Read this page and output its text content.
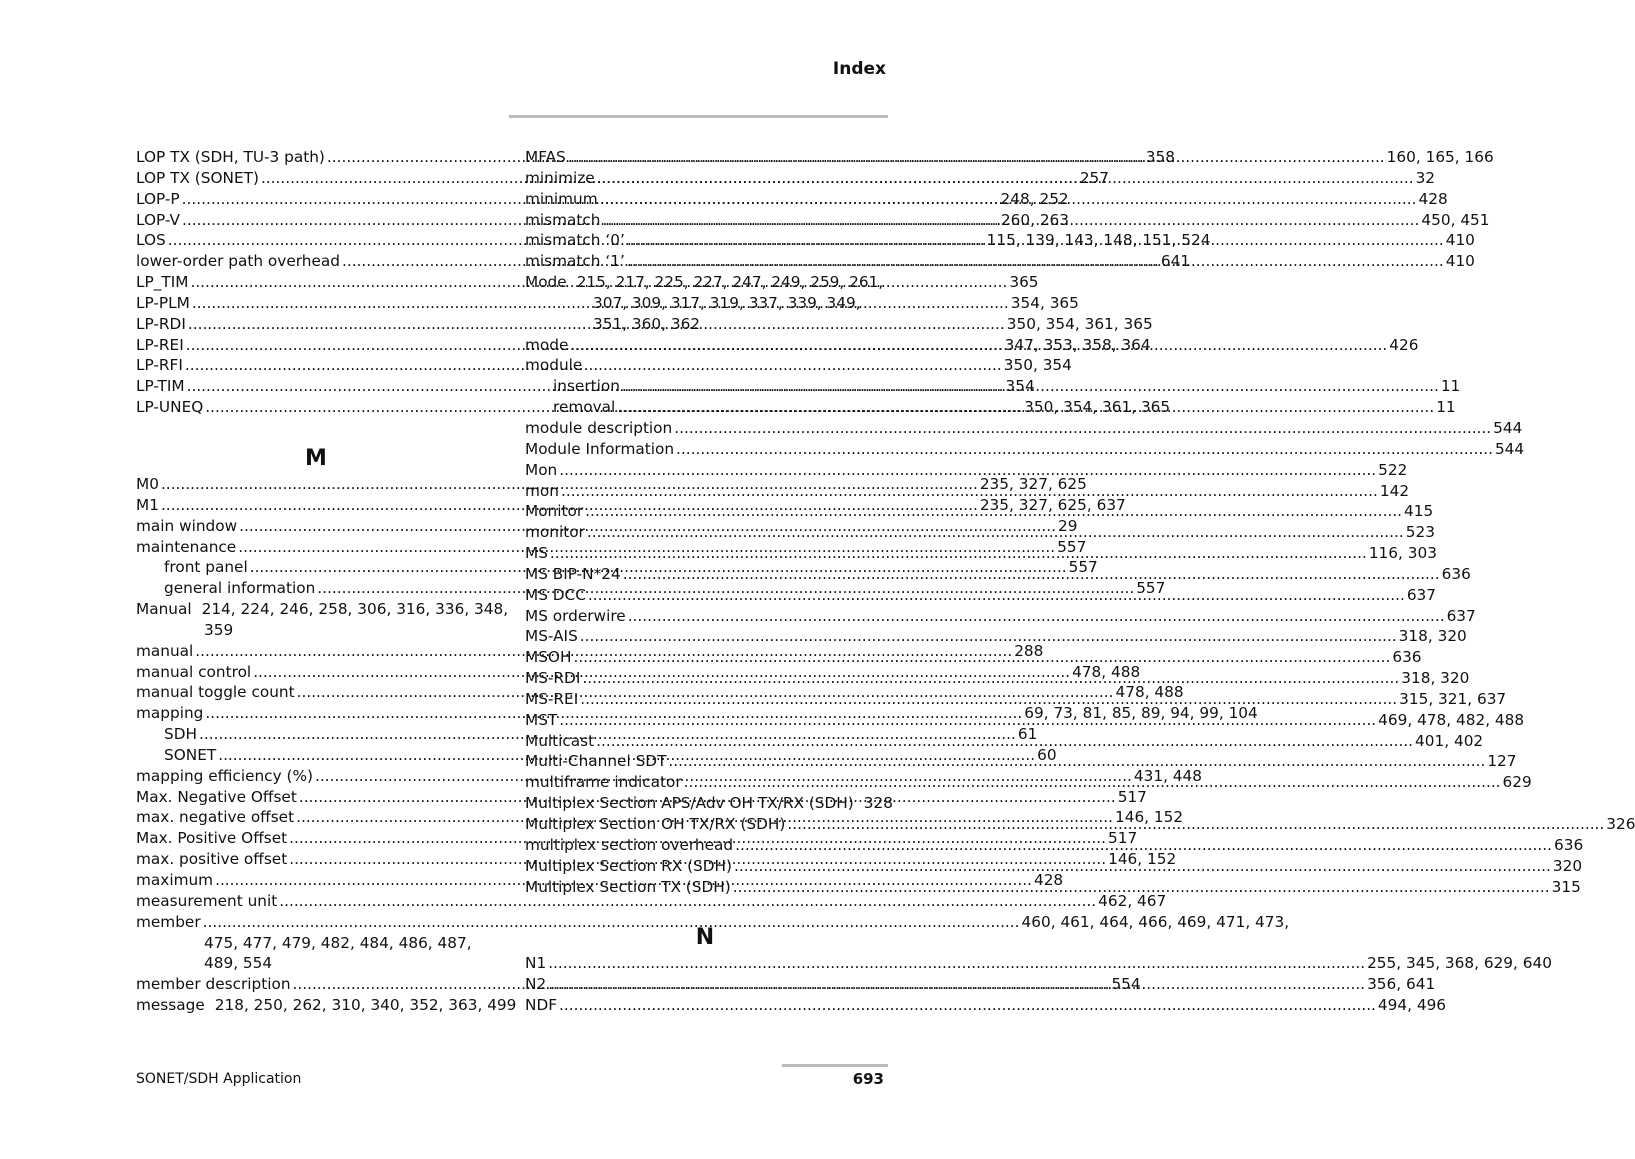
Index
LOP TX (SDH, TU-3 path) .....	358
LOP TX (SONET) .....	257
LOP-P .....	248, 252
LOP-V .....	260, 263
LOS .....	115, 139, 143, 148, 151, 524
lower-order path overhead .....	641
LP_TIM .....	365
LP-PLM .....	354, 365
LP-RDI .....	350, 354, 361, 365
LP-REI .....	347, 353, 358, 364
LP-RFI .....	350, 354
LP-TIM .....	354
LP-UNEQ .....	350, 354, 361, 365
M
M0 .....	235, 327, 625
M1 .....	235, 327, 625, 637
main window .....	29
maintenance .....	557
front panel .....	557
general information .....	557
Manual 214, 224, 246, 258, 306, 316, 336, 348,
359
manual .....	288
manual control .....	478, 488
manual toggle count .....	478, 488
mapping .....	69, 73, 81, 85, 89, 94, 99, 104
SDH .....	61
SONET .....	60
mapping efficiency (%) .....	431, 448
Max. Negative Offset .....	517
max. negative offset .....	146, 152
Max. Positive Offset .....	517
max. positive offset .....	146, 152
maximum .....	428
measurement unit .....	462, 467
member .....	460, 461, 464, 466, 469, 471, 473,
475, 477, 479, 482, 484, 486, 487,
489, 554
member description .....	554
message 218, 250, 262, 310, 340, 352, 363, 499
MFAS .....	160, 165, 166
minimize .....	32
minimum .....	428
mismatch .....	450, 451
mismatch ‘0’ .....	410
mismatch ‘1’ .....	410
Mode 215, 217, 225, 227, 247, 249, 259, 261,
307, 309, 317, 319, 337, 339, 349,
351, 360, 362
mode .....	426
module
insertion .....	11
removal .....	11
module description .....	544
Module Information .....	544
Mon .....	522
mon .....	142
Monitor .....	415
monitor .....	523
MS .....	116, 303
MS BIP-N*24 .....	636
MS DCC .....	637
MS orderwire .....	637
MS-AIS .....	318, 320
MSOH .....	636
MS-RDI .....	318, 320
MS-REI .....	315, 321, 637
MST .....	469, 478, 482, 488
Multicast .....	401, 402
Multi-Channel SDT .....	127
multiframe indicator .....	629
Multiplex Section APS/Adv OH TX/RX (SDH) 328
Multiplex Section OH TX/RX (SDH) .....	326
multiplex section overhead .....	636
Multiplex Section RX (SDH) .....	320
Multiplex Section TX (SDH) .....	315
N
N1 .....	255, 345, 368, 629, 640
N2 .....	356, 641
NDF .....	494, 496
SONET/SDH Application	693
